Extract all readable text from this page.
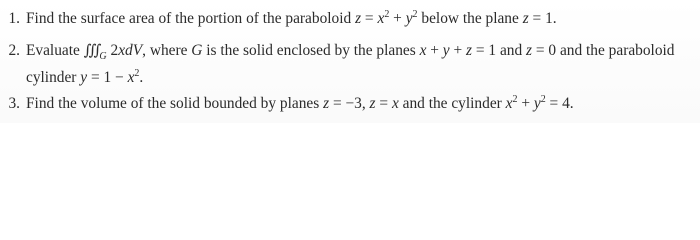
1. Find the surface area of the portion of the paraboloid $z = x^2 + y^2$ below the plane z = 1.
2. Evaluate $∭_G$ 2xdV, where G is the solid enclosed by the planes x + y + z = 1 and z = 0 and the paraboloid
cylinder $y = 1 - x^2$.
3. Find the volume of the solid bounded by planes z = −3, z = x and the cylinder $x^2 + y^2 = 4$.
